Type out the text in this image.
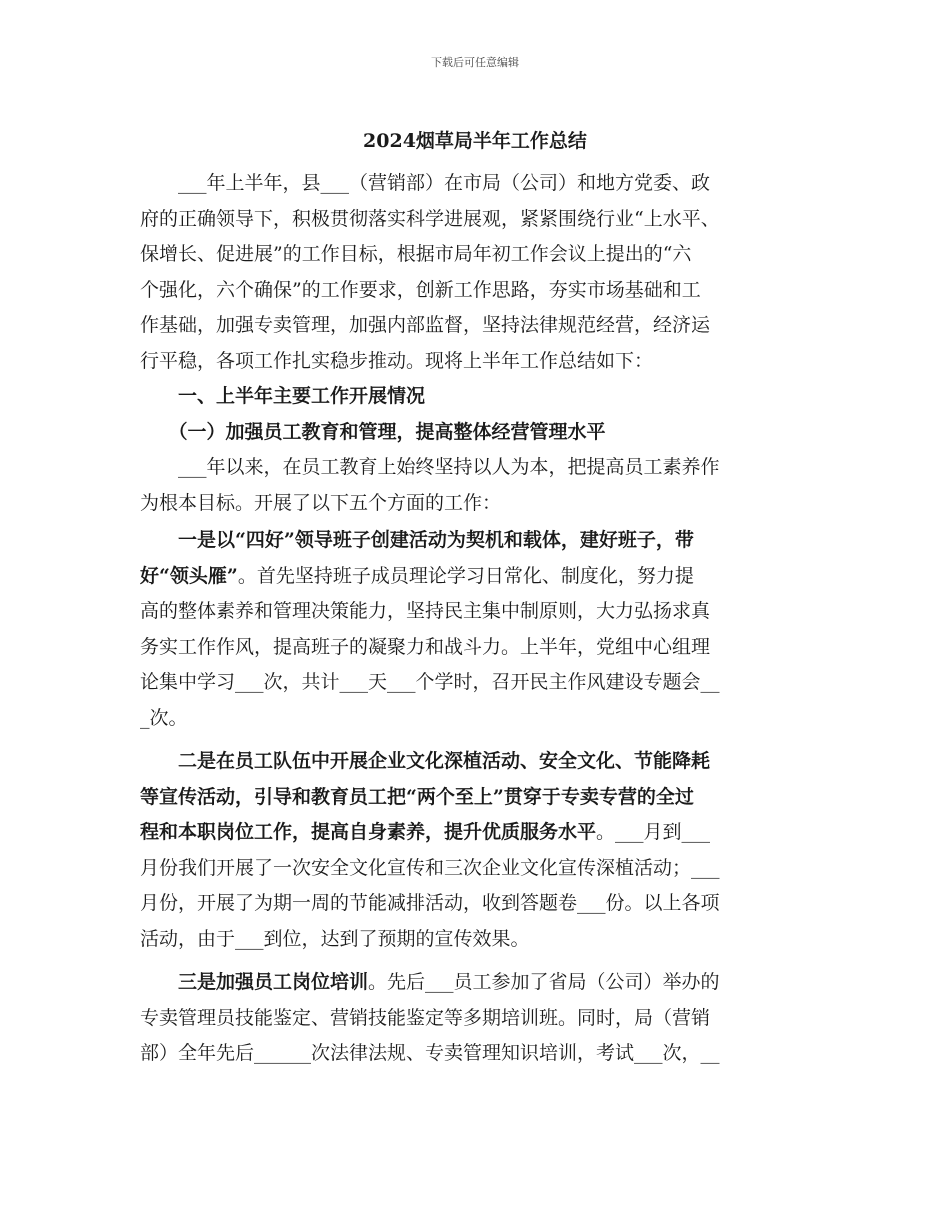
下载后可任意编辑
2024烟草局半年工作总结
　　___年上半年，县___（营销部）在市局（公司）和地方党委、政
府的正确领导下，积极贯彻落实科学进展观，紧紧围绕行业“上水平、
保增长、促进展”的工作目标，根据市局年初工作会议上提出的“六
个强化，六个确保”的工作要求，创新工作思路，夯实市场基础和工
作基础，加强专卖管理，加强内部监督，坚持法律规范经营，经济运
行平稳，各项工作扎实稳步推动。现将上半年工作总结如下：
　　一、上半年主要工作开展情况
　　（一）加强员工教育和管理，提高整体经营管理水平
　　___年以来，在员工教育上始终坚持以人为本，把提高员工素养作
为根本目标。开展了以下五个方面的工作：
　　一是以“四好”领导班子创建活动为契机和载体，建好班子，带
好“领头雁”。首先坚持班子成员理论学习日常化、制度化，努力提
高的整体素养和管理决策能力，坚持民主集中制原则，大力弘扬求真
务实工作作风，提高班子的凝聚力和战斗力。上半年，党组中心组理
论集中学习___次，共计___天___个学时，召开民主作风建设专题会__
_次。
　　二是在员工队伍中开展企业文化深植活动、安全文化、节能降耗
等宣传活动，引导和教育员工把“两个至上”贯穿于专卖专营的全过
程和本职岗位工作，提高自身素养，提升优质服务水平。___月到___
月份我们开展了一次安全文化宣传和三次企业文化宣传深植活动；___
月份，开展了为期一周的节能减排活动，收到答题卷___份。以上各项
活动，由于___到位，达到了预期的宣传效果。
　　三是加强员工岗位培训。先后___员工参加了省局（公司）举办的
专卖管理员技能鉴定、营销技能鉴定等多期培训班。同时，局（营销
部）全年先后______次法律法规、专卖管理知识培训，考试___次，__
